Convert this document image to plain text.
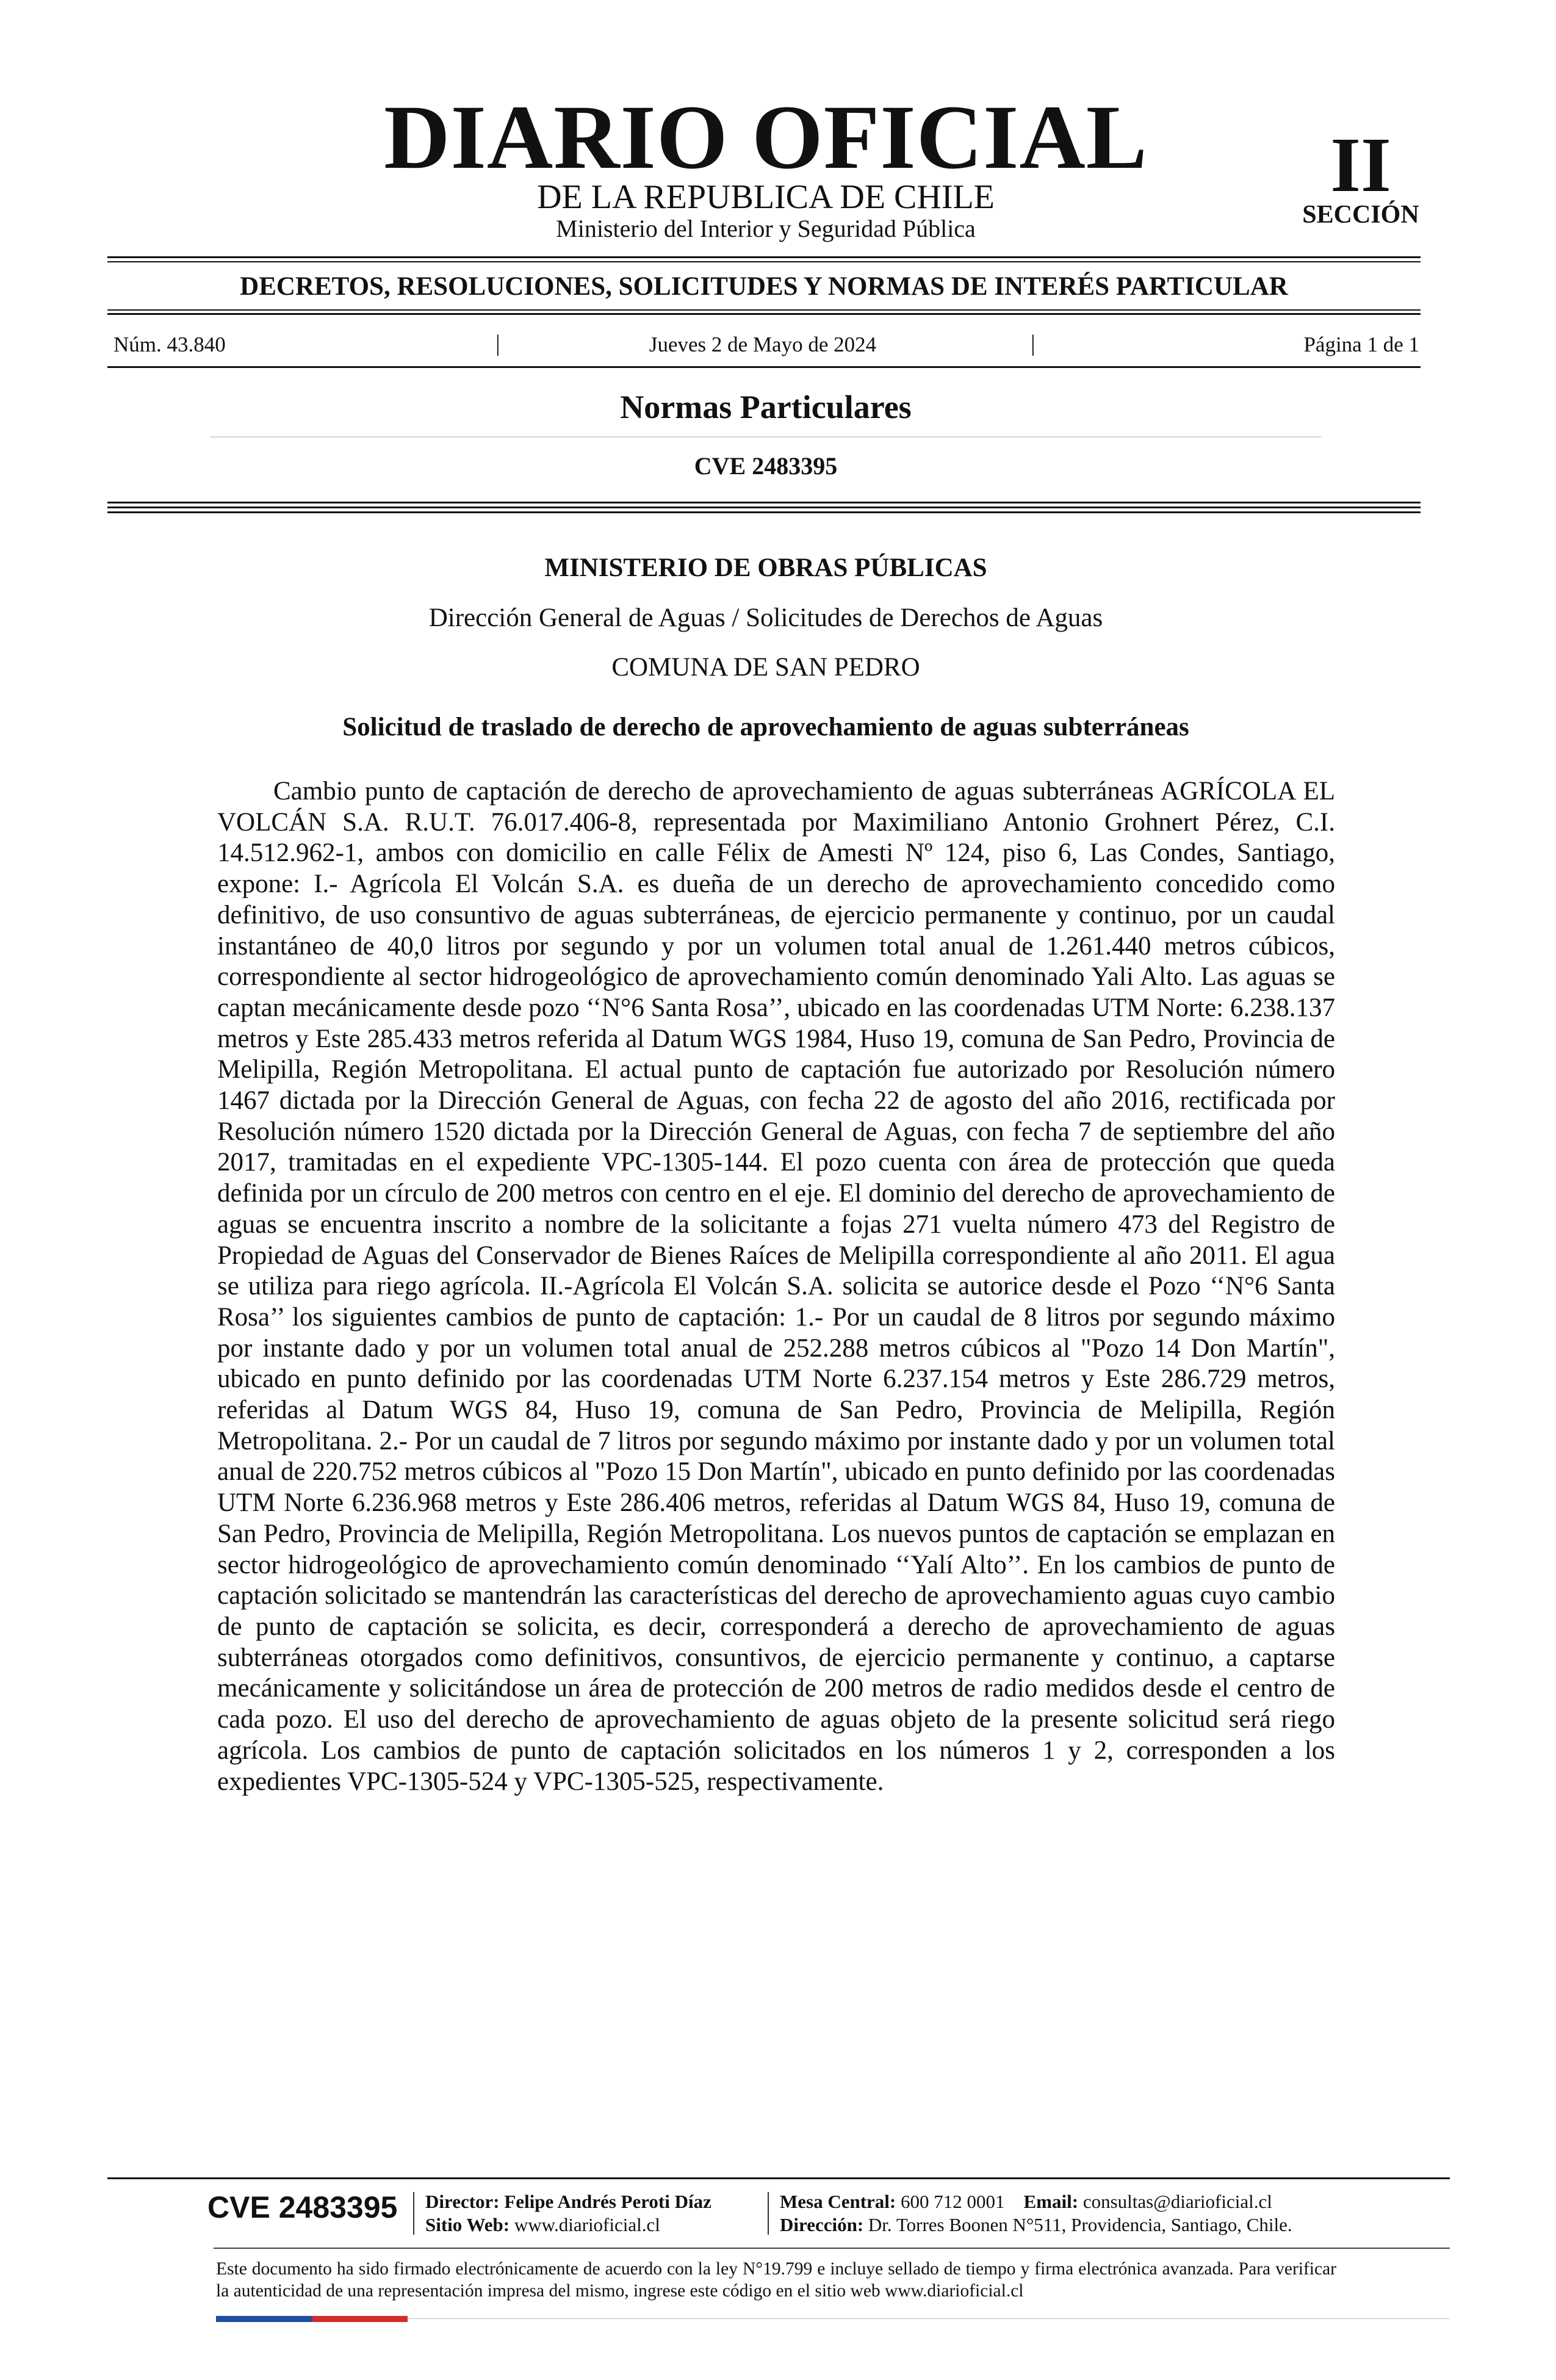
DIARIO OFICIAL
DE LA REPUBLICA DE CHILE
Ministerio del Interior y Seguridad Pública
II
SECCIÓN
DECRETOS, RESOLUCIONES, SOLICITUDES Y NORMAS DE INTERÉS PARTICULAR
Núm. 43.840	|	Jueves 2 de Mayo de 2024	|	Página 1 de 1
Normas Particulares
CVE 2483395
MINISTERIO DE OBRAS PÚBLICAS
Dirección General de Aguas / Solicitudes de Derechos de Aguas
COMUNA DE SAN PEDRO
Solicitud de traslado de derecho de aprovechamiento de aguas subterráneas

Cambio punto de captación de derecho de aprovechamiento de aguas subterráneas AGRÍCOLA EL VOLCÁN S.A. R.U.T. 76.017.406-8, representada por Maximiliano Antonio Grohnert Pérez, C.I. 14.512.962-1, ambos con domicilio en calle Félix de Amesti Nº 124, piso 6, Las Condes, Santiago, expone: I.- Agrícola El Volcán S.A. es dueña de un derecho de aprovechamiento concedido como definitivo, de uso consuntivo de aguas subterráneas, de ejercicio permanente y continuo, por un caudal instantáneo de 40,0 litros por segundo y por un volumen total anual de 1.261.440 metros cúbicos, correspondiente al sector hidrogeológico de aprovechamiento común denominado Yali Alto. Las aguas se captan mecánicamente desde pozo ‘‘N°6 Santa Rosa’’, ubicado en las coordenadas UTM Norte: 6.238.137 metros y Este 285.433 metros referida al Datum WGS 1984, Huso 19, comuna de San Pedro, Provincia de Melipilla, Región Metropolitana. El actual punto de captación fue autorizado por Resolución número 1467 dictada por la Dirección General de Aguas, con fecha 22 de agosto del año 2016, rectificada por Resolución número 1520 dictada por la Dirección General de Aguas, con fecha 7 de septiembre del año 2017, tramitadas en el expediente VPC-1305-144. El pozo cuenta con área de protección que queda definida por un círculo de 200 metros con centro en el eje. El dominio del derecho de aprovechamiento de aguas se encuentra inscrito a nombre de la solicitante a fojas 271 vuelta número 473 del Registro de Propiedad de Aguas del Conservador de Bienes Raíces de Melipilla correspondiente al año 2011. El agua se utiliza para riego agrícola. II.-Agrícola El Volcán S.A. solicita se autorice desde el Pozo ‘‘N°6 Santa Rosa’’ los siguientes cambios de punto de captación: 1.- Por un caudal de 8 litros por segundo máximo por instante dado y por un volumen total anual de 252.288 metros cúbicos al "Pozo 14 Don Martín", ubicado en punto definido por las coordenadas UTM Norte 6.237.154 metros y Este 286.729 metros, referidas al Datum WGS 84, Huso 19, comuna de San Pedro, Provincia de Melipilla, Región Metropolitana. 2.- Por un caudal de 7 litros por segundo máximo por instante dado y por un volumen total anual de 220.752 metros cúbicos al "Pozo 15 Don Martín", ubicado en punto definido por las coordenadas UTM Norte 6.236.968 metros y Este 286.406 metros, referidas al Datum WGS 84, Huso 19, comuna de San Pedro, Provincia de Melipilla, Región Metropolitana. Los nuevos puntos de captación se emplazan en sector hidrogeológico de aprovechamiento común denominado ‘‘Yalí Alto’’. En los cambios de punto de captación solicitado se mantendrán las características del derecho de aprovechamiento aguas cuyo cambio de punto de captación se solicita, es decir, corresponderá a derecho de aprovechamiento de aguas subterráneas otorgados como definitivos, consuntivos, de ejercicio permanente y continuo, a captarse mecánicamente y solicitándose un área de protección de 200 metros de radio medidos desde el centro de cada pozo. El uso del derecho de aprovechamiento de aguas objeto de la presente solicitud será riego agrícola. Los cambios de punto de captación solicitados en los números 1 y 2, corresponden a los expedientes VPC-1305-524 y VPC-1305-525, respectivamente.

CVE 2483395 Director: Felipe Andrés Peroti Díaz
Sitio Web: www.diarioficial.cl
Mesa Central: 600 712 0001 Email: consultas@diarioficial.cl
Dirección: Dr. Torres Boonen N°511, Providencia, Santiago, Chile.

Este documento ha sido firmado electrónicamente de acuerdo con la ley N°19.799 e incluye sellado de tiempo y firma electrónica avanzada. Para verificar la autenticidad de una representación impresa del mismo, ingrese este código en el sitio web www.diarioficial.cl
